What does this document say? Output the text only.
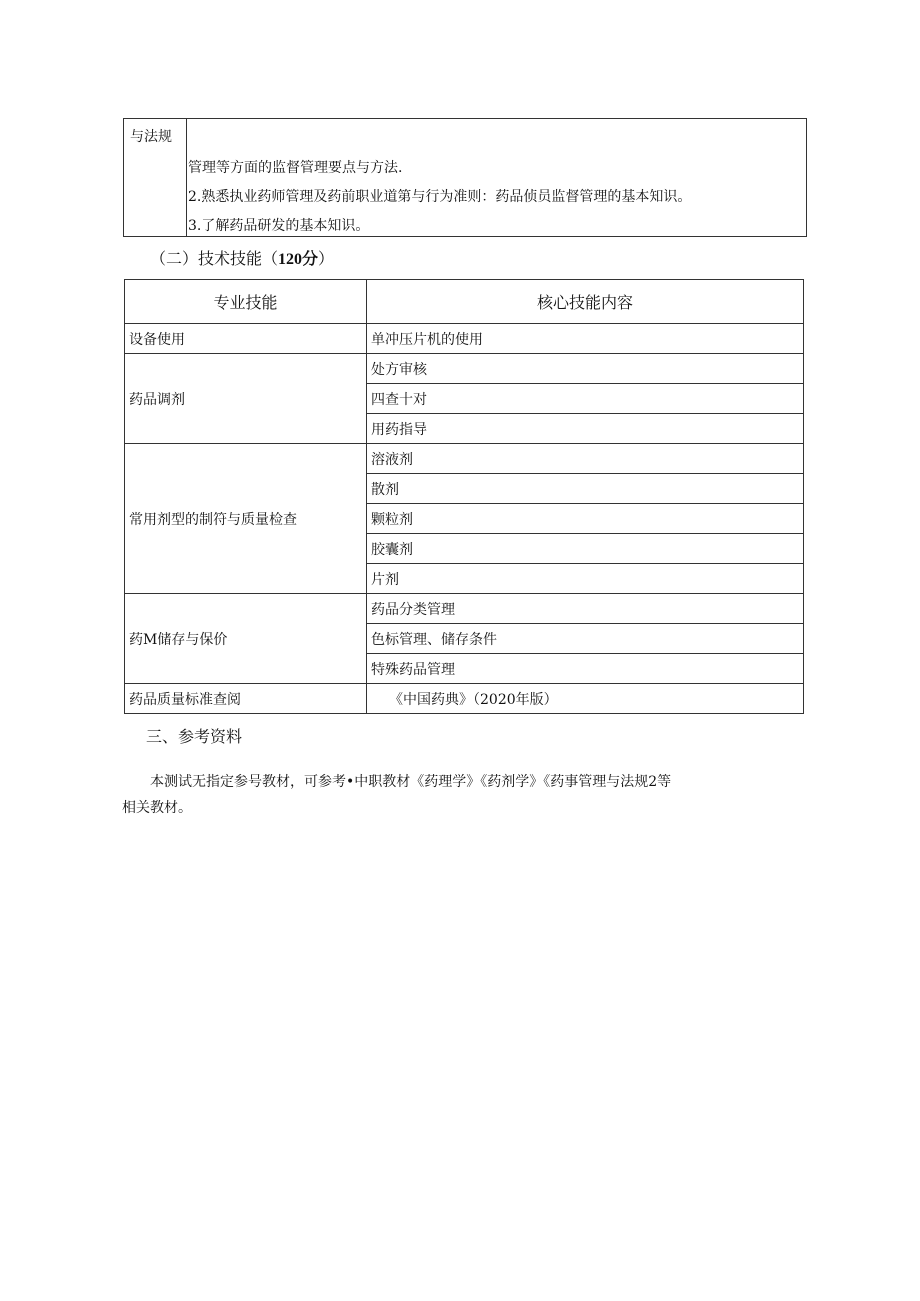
与法规
管理等方面的监督管理要点与方法.
2.熟悉执业药师管理及药前职业道第与行为准则：药品侦员监督管理的基本知识。
3.了解药品研发的基本知识。
（二）技术技能（120分）
专业技能	核心技能内容
设备使用	单冲压片机的使用
药品调剂	处方审核
	四查十对
	用药指导
常用剂型的制符与质量检查	溶液剂
	散剂
	颗粒剂
	胶囊剂
	片剂
药M储存与保价	药品分类管理
	色标管理、储存条件
	特殊药品管理
药品质量标准查阅	《中国药典》（2020年版）
三、参考资料
本测试无指定参号教材，可参考•中职教材《药理学》《药剂学》《药事管理与法规2等
相关教材。
